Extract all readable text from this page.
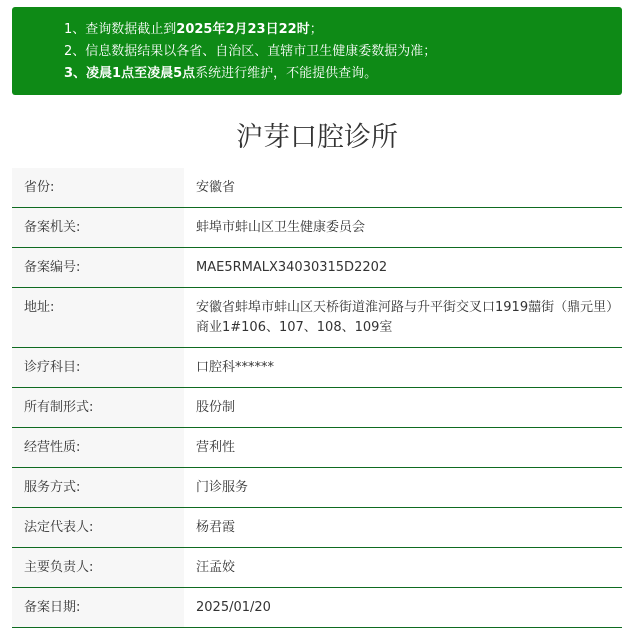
1、查询数据截止到2025年2月23日22时；
2、信息数据结果以各省、自治区、直辖市卫生健康委数据为准；
3、凌晨1点至凌晨5点系统进行维护，不能提供查询。
沪芽口腔诊所
省份:	安徽省
备案机关:	蚌埠市蚌山区卫生健康委员会
备案编号:	MAE5RMALX34030315D2202
地址:	安徽省蚌埠市蚌山区天桥街道淮河路与升平街交叉口1919囍街（鼎元里）商业1#106、107、108、109室
诊疗科目:	口腔科******
所有制形式:	股份制
经营性质:	营利性
服务方式:	门诊服务
法定代表人:	杨君霞
主要负责人:	汪孟姣
备案日期:	2025/01/20
